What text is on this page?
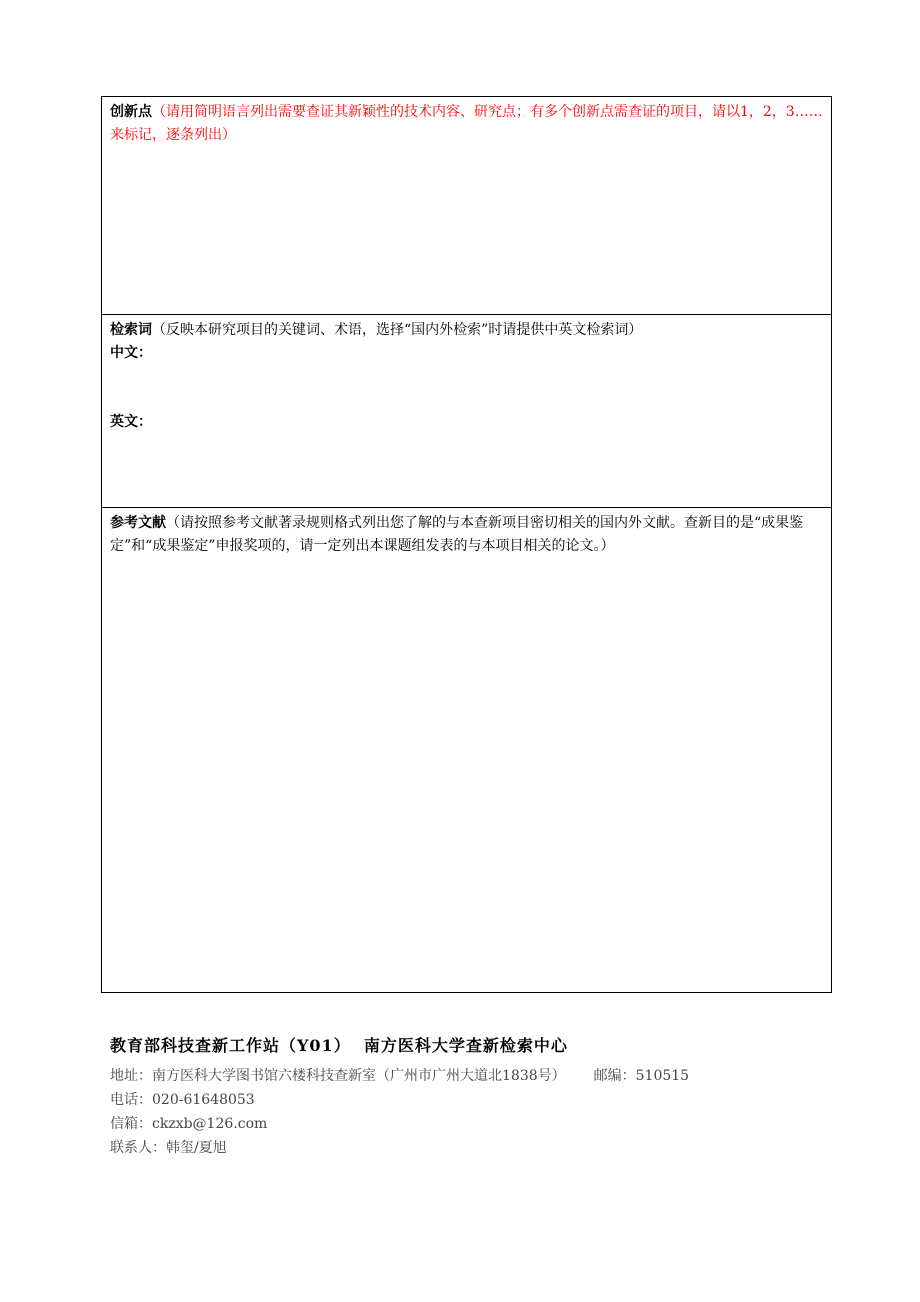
创新点（请用简明语言列出需要查证其新颖性的技术内容、研究点；有多个创新点需查证的项目，请以1，2，3……来标记，逐条列出）

检索词（反映本研究项目的关键词、术语，选择“国内外检索”时请提供中英文检索词）

中文：
英文：

参考文献（请按照参考文献著录规则格式列出您了解的与本查新项目密切相关的国内外文献。查新目的是“成果鉴定”和“成果鉴定”申报奖项的，请一定列出本课题组发表的与本项目相关的论文。）

教育部科技查新工作站（Y01） 南方医科大学查新检索中心

地址：南方医科大学图书馆六楼科技查新室（广州市广州大道北1838号） 邮编：510515

电话：020-61648053

信箱：ckzxb@126.com

联系人：韩玺/夏旭
